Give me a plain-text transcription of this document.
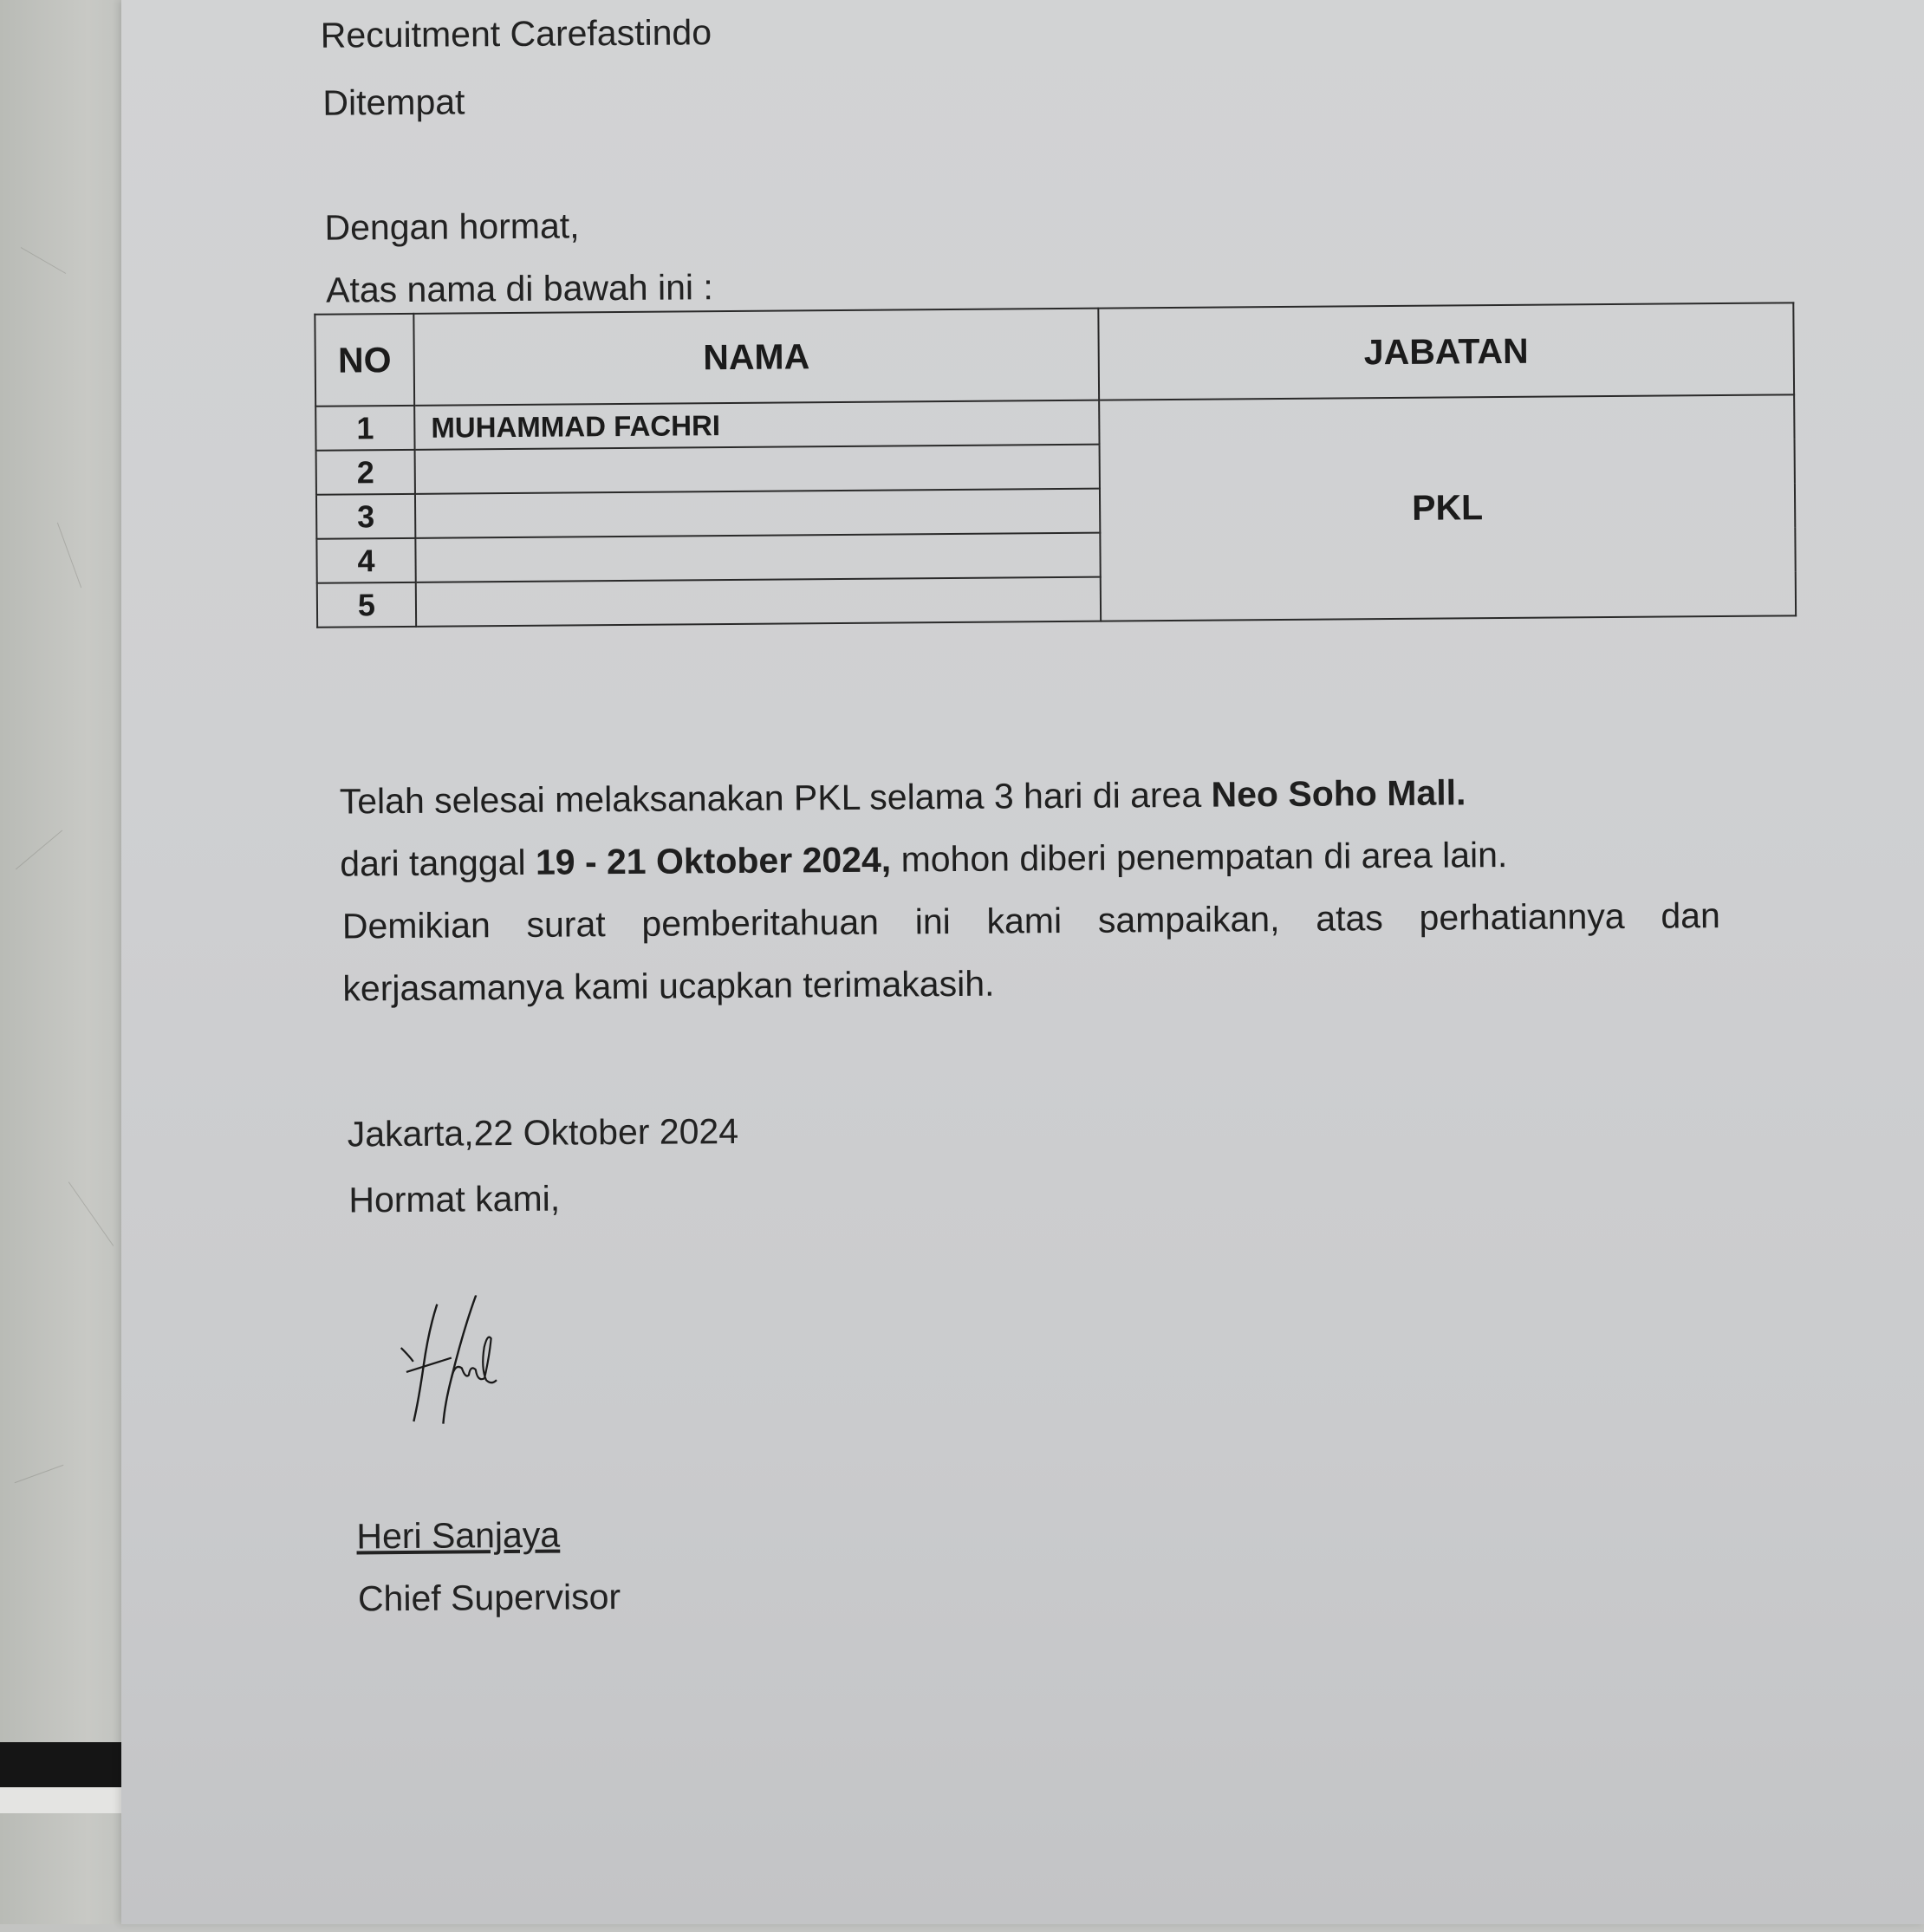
Recuitment Carefastindo
Ditempat
Dengan hormat,
Atas nama di bawah ini :
NO	NAMA	JABATAN
1	MUHAMMAD FACHRI	PKL
2		
3		
4		
5		
Telah selesai melaksanakan PKL selama 3 hari di area Neo Soho Mall.
dari tanggal 19 - 21 Oktober 2024, mohon diberi penempatan di area lain.
Demikian surat pemberitahuan ini kami sampaikan, atas perhatiannya dan
kerjasamanya kami ucapkan terimakasih.
Jakarta,22 Oktober 2024
Hormat kami,
Heri Sanjaya
Chief Supervisor
